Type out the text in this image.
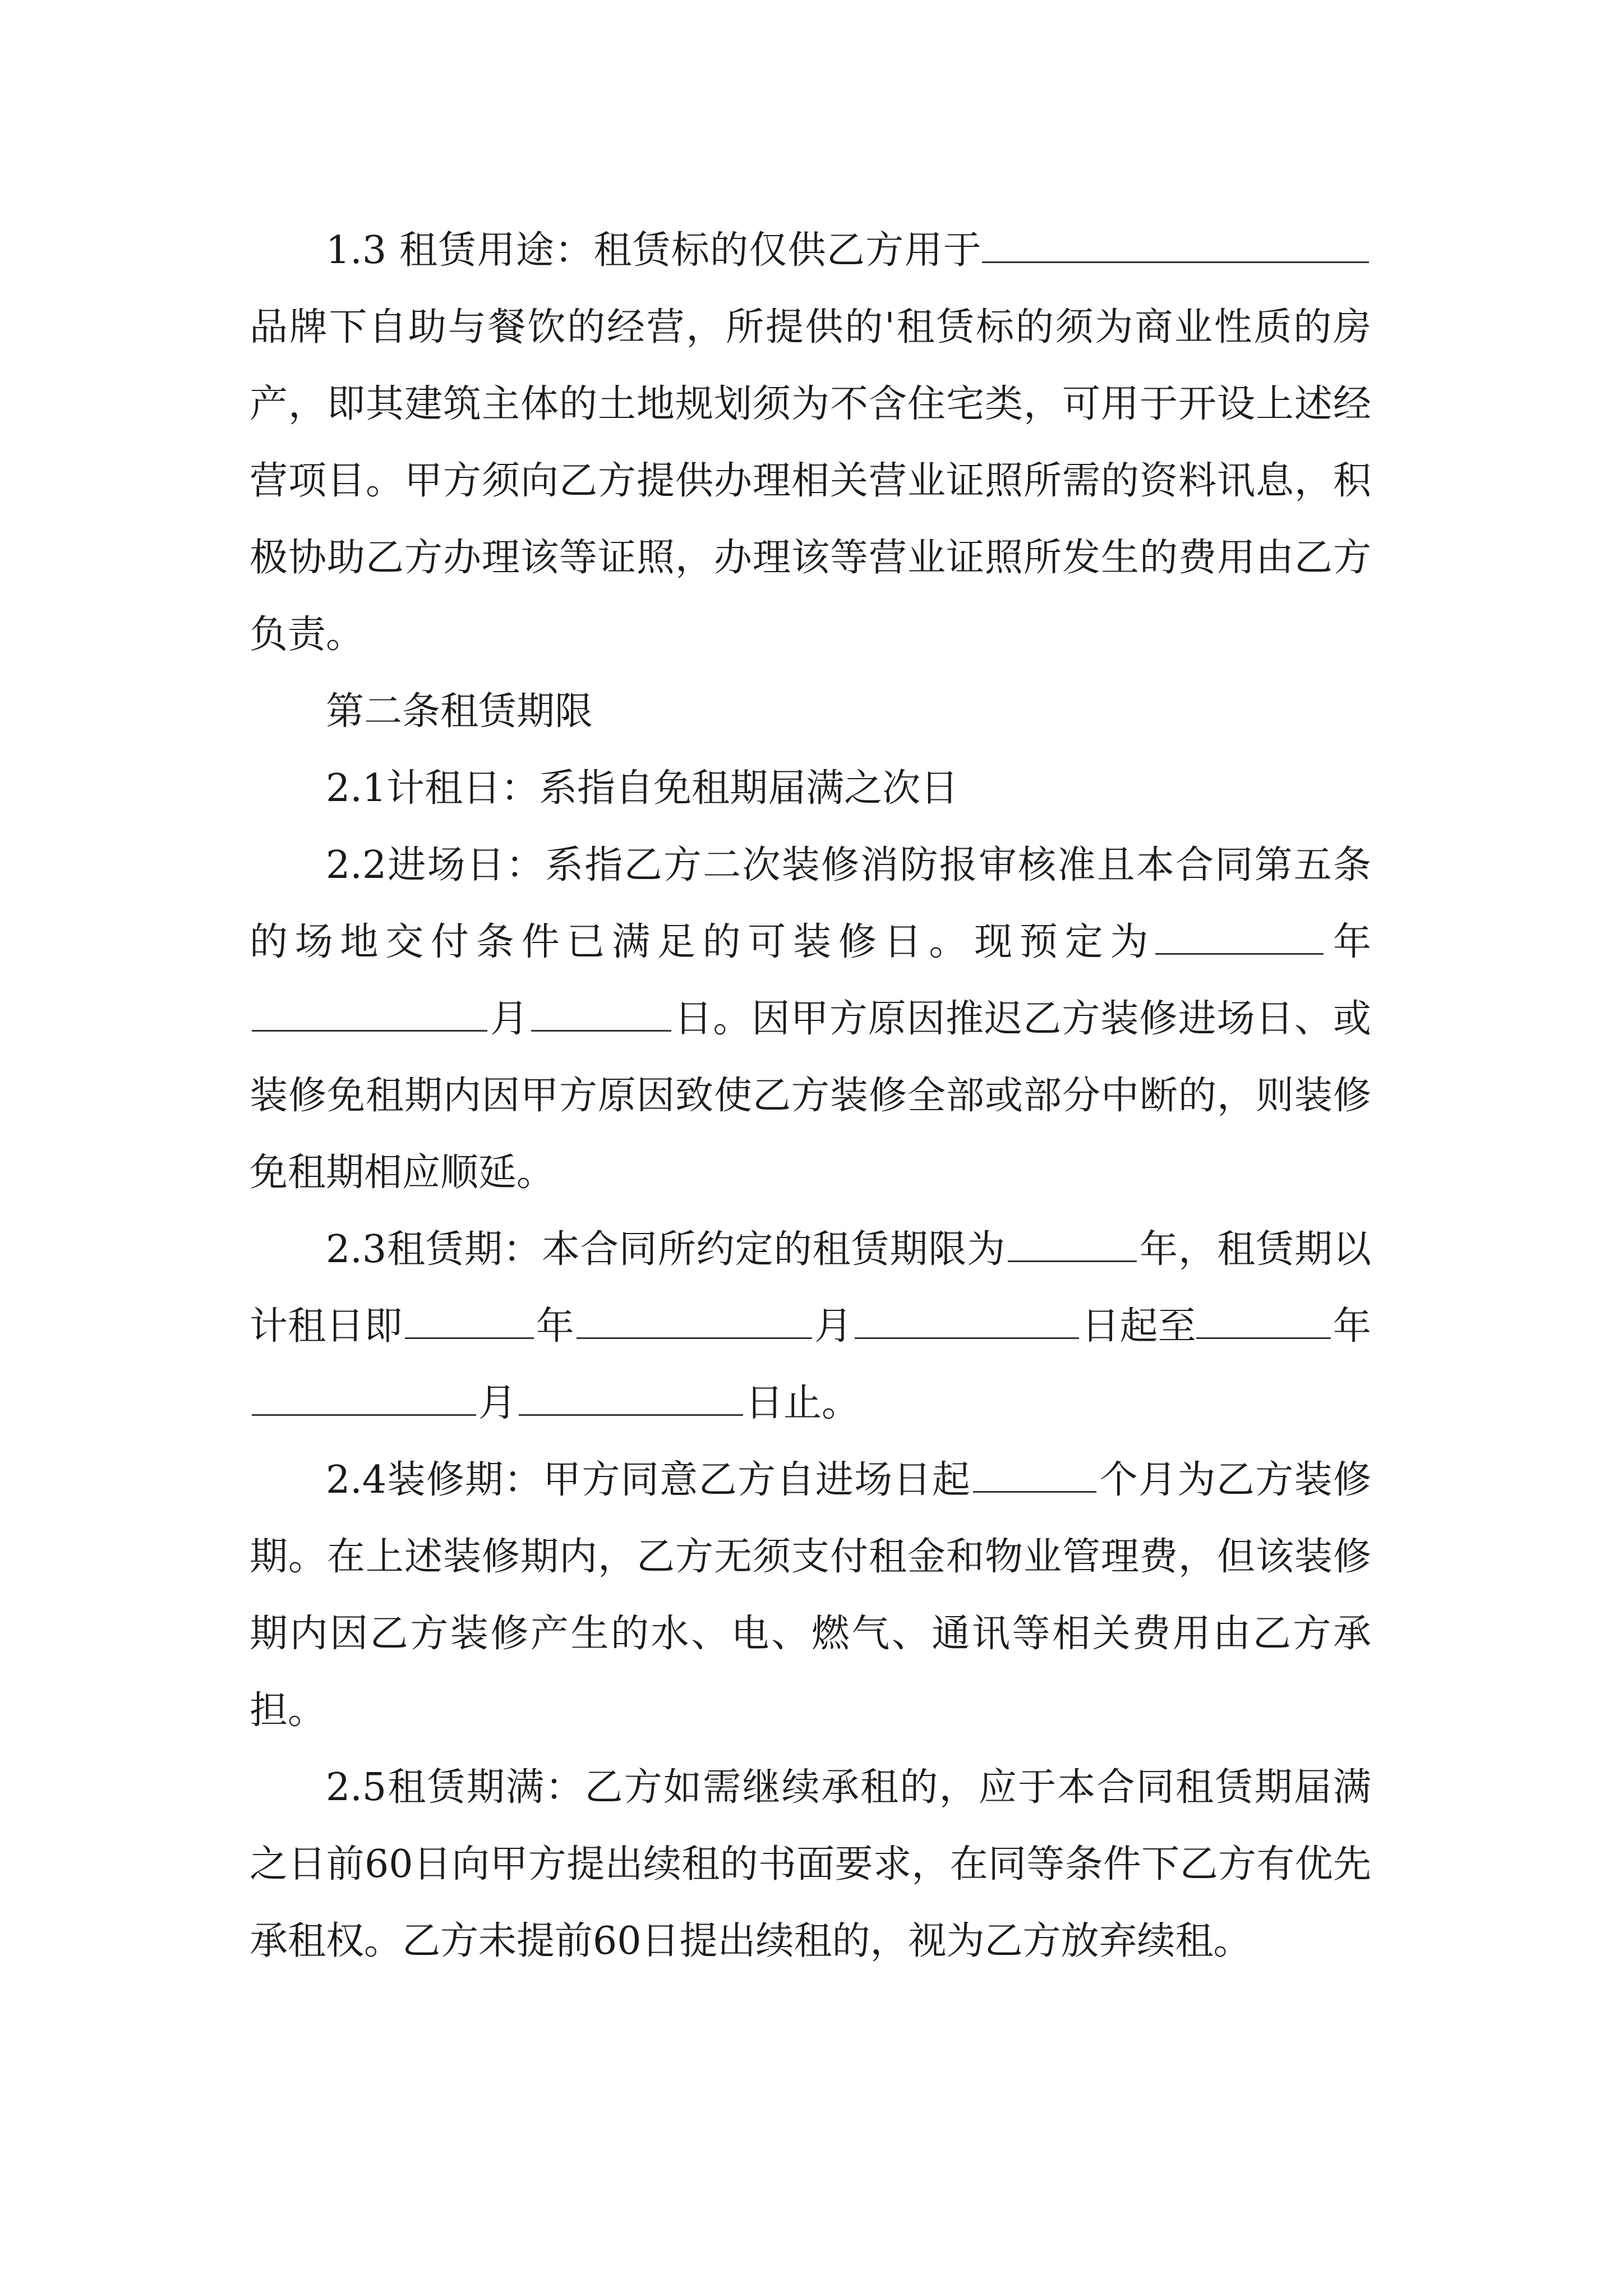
1.3 租赁用途：租赁标的仅供乙方用于品牌下自助与餐饮的经营，所提供的'租赁标的须为商业性质的房产，即其建筑主体的土地规划须为不含住宅类，可用于开设上述经营项目。甲方须向乙方提供办理相关营业证照所需的资料讯息，积极协助乙方办理该等证照，办理该等营业证照所发生的费用由乙方负责。

第二条租赁期限

2.1计租日：系指自免租期届满之次日

2.2进场日：系指乙方二次装修消防报审核准且本合同第五条的场地交付条件已满足的可装修日。现预定为	年月	日。因甲方原因推迟乙方装修进场日、或装修免租期内因甲方原因致使乙方装修全部或部分中断的，则装修免租期相应顺延。

2.3租赁期：本合同所约定的租赁期限为	年，租赁期以计租日即	年	月	日起至	年月	日止。

2.4装修期：甲方同意乙方自进场日起	个月为乙方装修期。在上述装修期内，乙方无须支付租金和物业管理费，但该装修期内因乙方装修产生的水、电、燃气、通讯等相关费用由乙方承担。

2.5租赁期满：乙方如需继续承租的，应于本合同租赁期届满之日前60日向甲方提出续租的书面要求，在同等条件下乙方有优先承租权。乙方未提前60日提出续租的，视为乙方放弃续租。
